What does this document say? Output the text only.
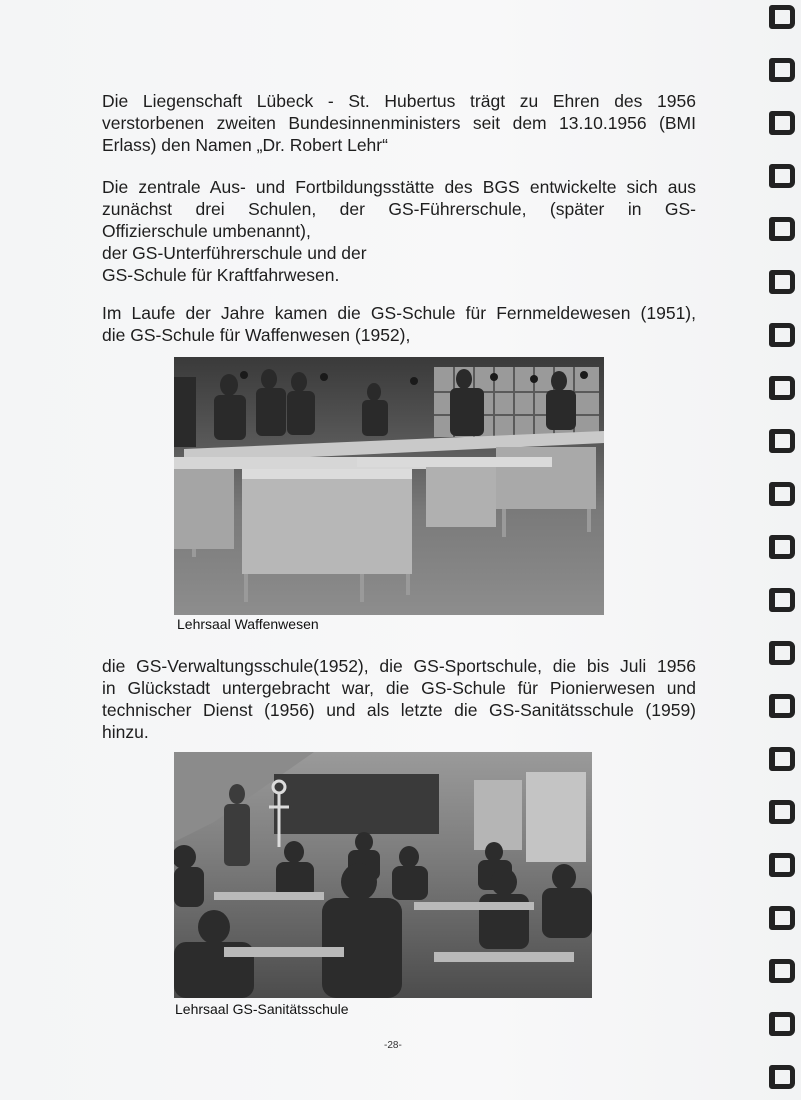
Die Liegenschaft Lübeck - St. Hubertus trägt zu Ehren des 1956
verstorbenen zweiten Bundesinnenministers seit dem 13.10.1956 (BMI
Erlass) den Namen „Dr. Robert Lehr“
Die zentrale Aus- und Fortbildungsstätte des BGS entwickelte sich aus
zunächst drei Schulen, der GS-Führerschule, (später in GS-
Offizierschule umbenannt),
der GS-Unterführerschule und der
GS-Schule für Kraftfahrwesen.
Im Laufe der Jahre kamen die GS-Schule für Fernmeldewesen (1951),
die GS-Schule für Waffenwesen (1952),
Lehrsaal Waffenwesen
die GS-Verwaltungsschule(1952), die GS-Sportschule, die bis Juli 1956
in Glückstadt untergebracht war, die GS-Schule für Pionierwesen und
technischer Dienst (1956) und als letzte die GS-Sanitätsschule (1959)
hinzu.
Lehrsaal GS-Sanitätsschule
-28-
